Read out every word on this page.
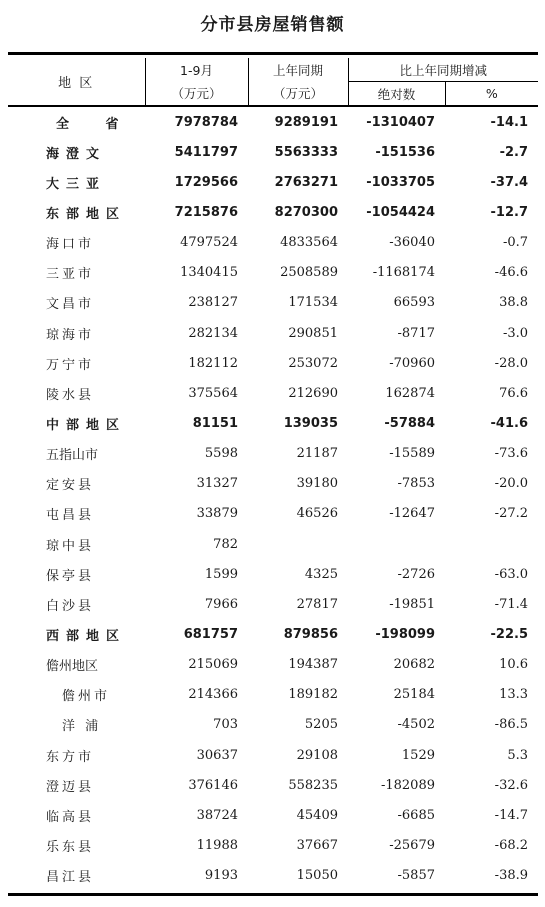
分市县房屋销售额
地 区	1-9月	上年同期	比上年同期增减	
	（万元）	（万元）	绝对数	%
全 省	7978784	9289191	-1310407	-14.1
海澄文	5411797	5563333	-151536	-2.7
大三亚	1729566	2763271	-1033705	-37.4
东部地区	7215876	8270300	-1054424	-12.7
海口市	4797524	4833564	-36040	-0.7
三亚市	1340415	2508589	-1168174	-46.6
文昌市	238127	171534	66593	38.8
琼海市	282134	290851	-8717	-3.0
万宁市	182112	253072	-70960	-28.0
陵水县	375564	212690	162874	76.6
中部地区	81151	139035	-57884	-41.6
五指山市	5598	21187	-15589	-73.6
定安县	31327	39180	-7853	-20.0
屯昌县	33879	46526	-12647	-27.2
琼中县	782			
保亭县	1599	4325	-2726	-63.0
白沙县	7966	27817	-19851	-71.4
西部地区	681757	879856	-198099	-22.5
儋州地区	215069	194387	20682	10.6
儋州市	214366	189182	25184	13.3
洋 浦	703	5205	-4502	-86.5
东方市	30637	29108	1529	5.3
澄迈县	376146	558235	-182089	-32.6
临高县	38724	45409	-6685	-14.7
乐东县	11988	37667	-25679	-68.2
昌江县	9193	15050	-5857	-38.9
